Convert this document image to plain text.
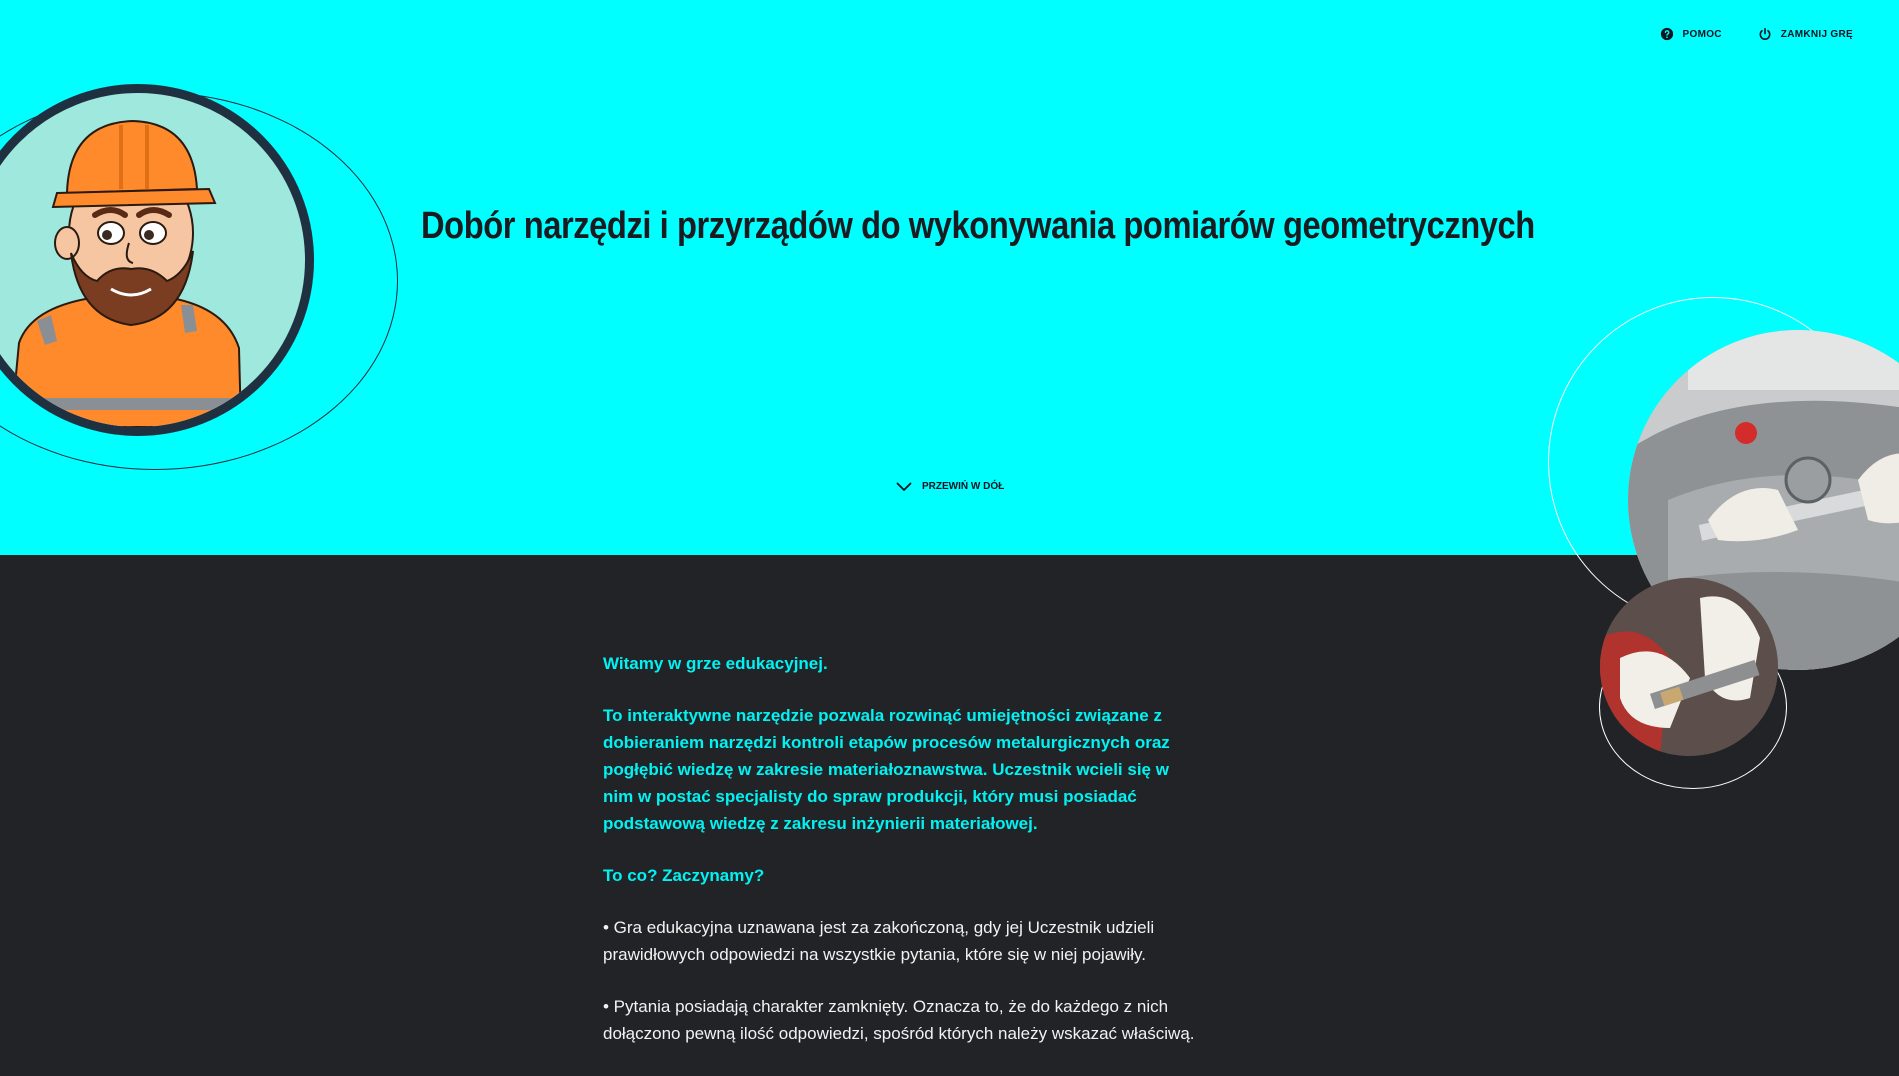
POMOC	ZAMKNIJ GRĘ
Dobór narzędzi i przyrządów do wykonywania pomiarów geometrycznych
PRZEWIŃ W DÓŁ

Witamy w grze edukacyjnej.

To interaktywne narzędzie pozwala rozwinąć umiejętności związane z dobieraniem narzędzi kontroli etapów procesów metalurgicznych oraz pogłębić wiedzę w zakresie materiałoznawstwa. Uczestnik wcieli się w nim w postać specjalisty do spraw produkcji, który musi posiadać podstawową wiedzę z zakresu inżynierii materiałowej.

To co? Zaczynamy?

• Gra edukacyjna uznawana jest za zakończoną, gdy jej Uczestnik udzieli prawidłowych odpowiedzi na wszystkie pytania, które się w niej pojawiły.

• Pytania posiadają charakter zamknięty. Oznacza to, że do każdego z nich dołączono pewną ilość odpowiedzi, spośród których należy wskazać właściwą.
